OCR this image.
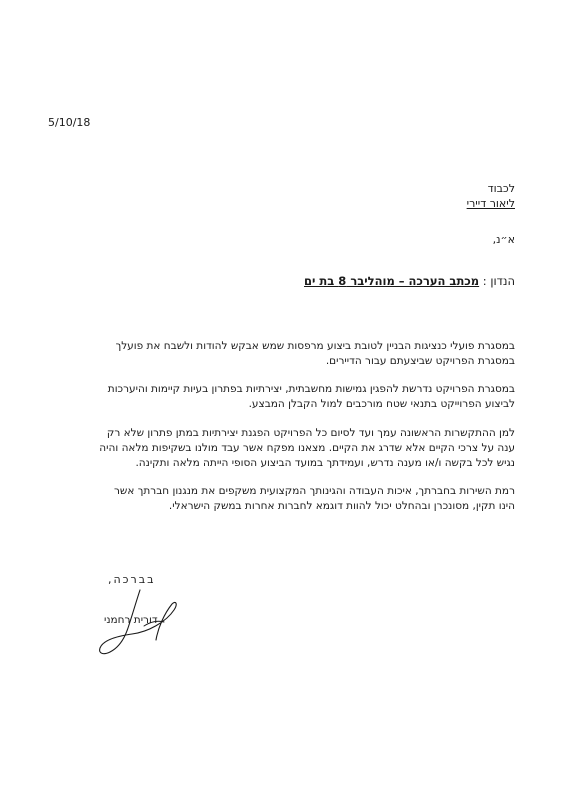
5/10/18
לכבוד
ליאור דיירי
א״נ,
הנדון : מכתב הערכה – מוהליבר 8 בת ים
במסגרת פועלי כנציגות הבניין לטובת ביצוע מרפסות שמש אבקש להודות ולשבח את פועלך
במסגרת הפרויקט שביצעתם עבור הדיירים.
במסגרת הפרויקט נדרשת להפגין גמישות מחשבתית, יצירתיות בפתרון בעיות קיימות והיערכות
לביצוע הפרוייקט בתנאי שטח מורכבים למול הקבלן המבצע.
למן ההתקשרות הראשונה עמך ועד לסיום כל הפרויקט הפגנת יצירתיות במתן פתרון שלא רק
ענה על צרכי הקיים אלא שדרג את הקיים. מצאנו מפקח אשר עבד מולנו בשקיפות מלאה והיה
נגיש לכל בקשה ו/או מענה נדרש, ועמידתך במועד הביצוע הסופי הייתה מלאה ותקינה.
רמת השירות בחברתך, איכות העבודה והגינותך המקצועית משקפים את מנגנון חברתך אשר
הינו תקין, מסונכרן ובהחלט יכול להוות דוגמא לחברות אחרות במשק הישראלי.
בברכה,
דורית רחמני
